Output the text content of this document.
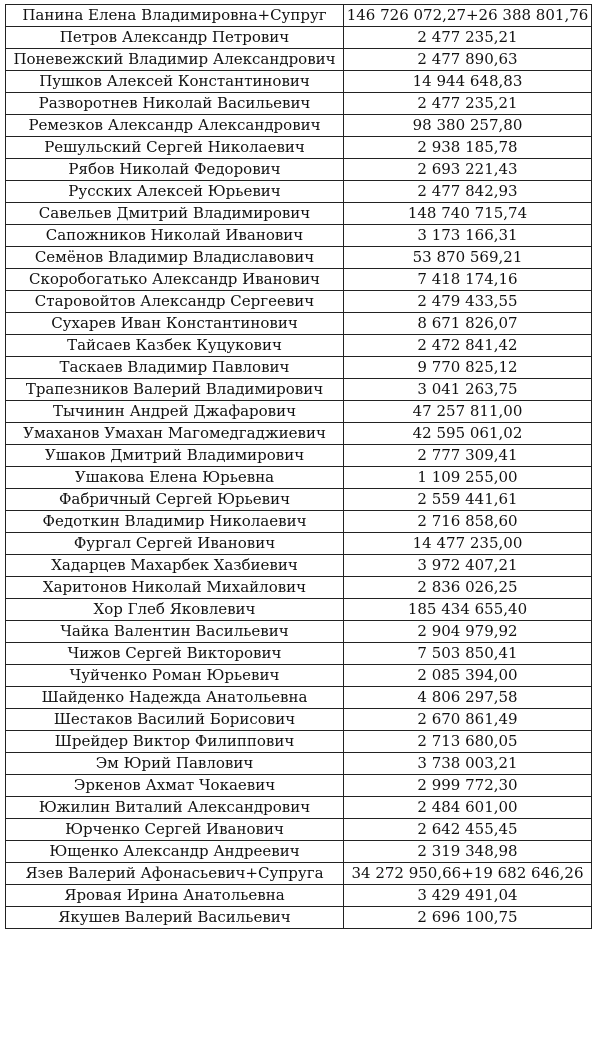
Панина Елена Владимировна+Супруг	146 726 072,27+26 388 801,76
Петров Александр Петрович	2 477 235,21
Поневежский Владимир Александрович	2 477 890,63
Пушков Алексей Константинович	14 944 648,83
Разворотнев Николай Васильевич	2 477 235,21
Ремезков Александр Александрович	98 380 257,80
Решульский Сергей Николаевич	2 938 185,78
Рябов Николай Федорович	2 693 221,43
Русских Алексей Юрьевич	2 477 842,93
Савельев Дмитрий Владимирович	148 740 715,74
Сапожников Николай Иванович	3 173 166,31
Семёнов Владимир Владиславович	53 870 569,21
Скоробогатько Александр Иванович	7 418 174,16
Старовойтов Александр Сергеевич	2 479 433,55
Сухарев Иван Константинович	8 671 826,07
Тайсаев Казбек Куцукович	2 472 841,42
Таскаев Владимир Павлович	9 770 825,12
Трапезников Валерий Владимирович	3 041 263,75
Тычинин Андрей Джафарович	47 257 811,00
Умаханов Умахан Магомедгаджиевич	42 595 061,02
Ушаков Дмитрий Владимирович	2 777 309,41
Ушакова Елена Юрьевна	1 109 255,00
Фабричный Сергей Юрьевич	2 559 441,61
Федоткин Владимир Николаевич	2 716 858,60
Фургал Сергей Иванович	14 477 235,00
Хадарцев Махарбек Хазбиевич	3 972 407,21
Харитонов Николай Михайлович	2 836 026,25
Хор Глеб Яковлевич	185 434 655,40
Чайка Валентин Васильевич	2 904 979,92
Чижов Сергей Викторович	7 503 850,41
Чуйченко Роман Юрьевич	2 085 394,00
Шайденко Надежда Анатольевна	4 806 297,58
Шестаков Василий Борисович	2 670 861,49
Шрейдер Виктор Филиппович	2 713 680,05
Эм Юрий Павлович	3 738 003,21
Эркенов Ахмат Чокаевич	2 999 772,30
Южилин Виталий Александрович	2 484 601,00
Юрченко Сергей Иванович	2 642 455,45
Ющенко Александр Андреевич	2 319 348,98
Язев Валерий Афонасьевич+Супруга	34 272 950,66+19 682 646,26
Яровая Ирина Анатольевна	3 429 491,04
Якушев Валерий Васильевич	2 696 100,75
